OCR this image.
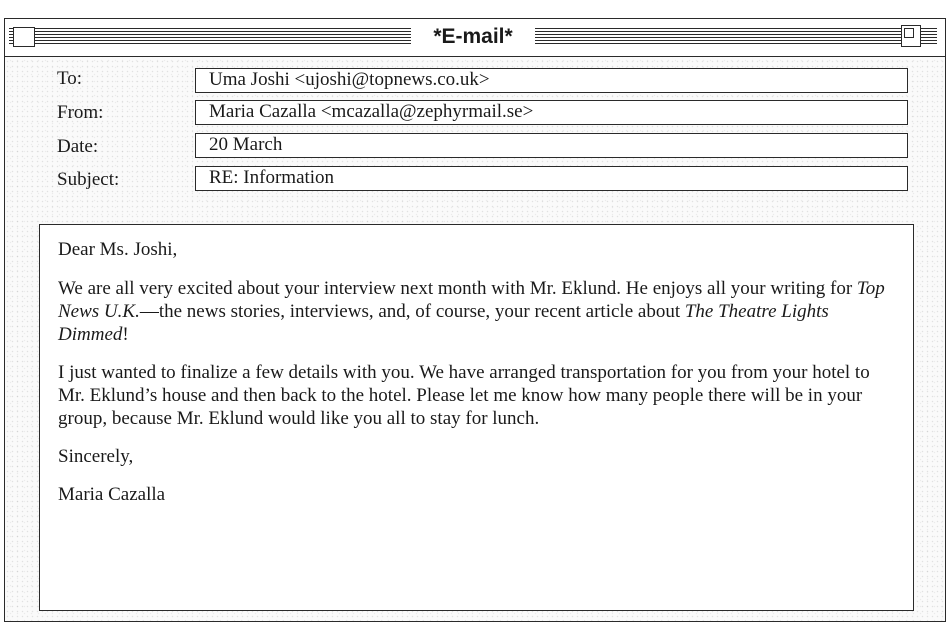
*E-mail*
To:	Uma Joshi <ujoshi@topnews.co.uk>
From:	Maria Cazalla <mcazalla@zephyrmail.se>
Date:	20 March
Subject:	RE: Information

Dear Ms. Joshi,

We are all very excited about your interview next month with Mr. Eklund. He enjoys all your writing for Top News U.K.—the news stories, interviews, and, of course, your recent article about The Theatre Lights Dimmed!

I just wanted to finalize a few details with you. We have arranged transportation for you from your hotel to Mr. Eklund’s house and then back to the hotel. Please let me know how many people there will be in your group, because Mr. Eklund would like you all to stay for lunch.

Sincerely,

Maria Cazalla
